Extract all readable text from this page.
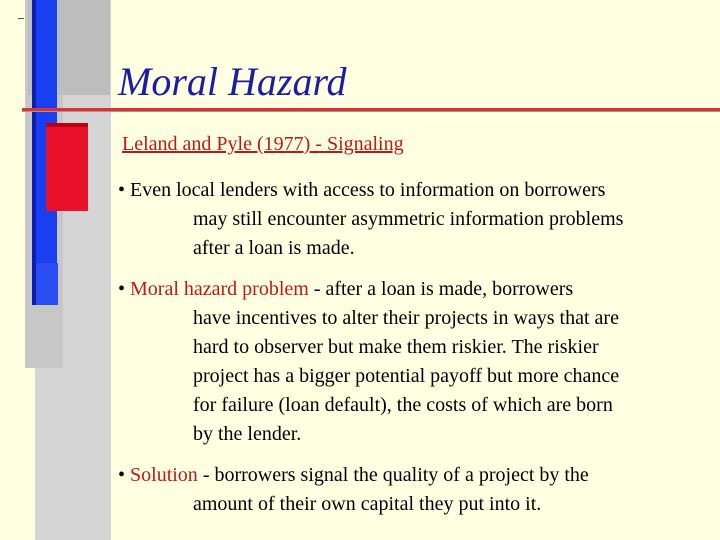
Moral Hazard
Leland and Pyle (1977) - Signaling
• Even local lenders with access to information on borrowers
may still encounter asymmetric information problems
after a loan is made.
• Moral hazard problem - after a loan is made, borrowers
have incentives to alter their projects in ways that are
hard to observer but make them riskier. The riskier
project has a bigger potential payoff but more chance
for failure (loan default), the costs of which are born
by the lender.
• Solution - borrowers signal the quality of a project by the
amount of their own capital they put into it.
